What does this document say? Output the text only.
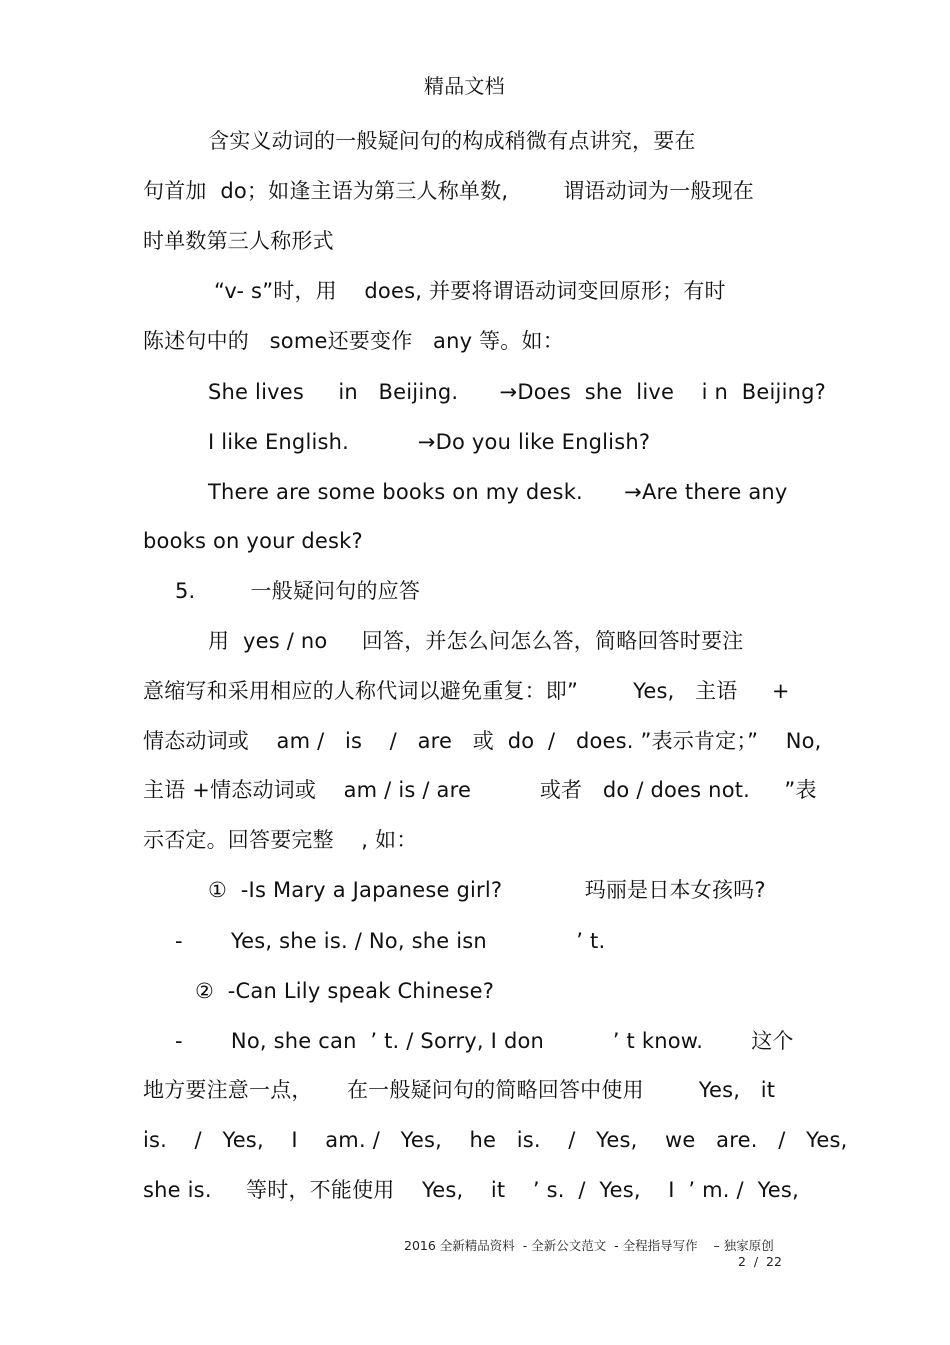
精品文档
含实义动词的一般疑问句的构成稍微有点讲究，要在
句首加  do；如逢主语为第三人称单数,        谓语动词为一般现在
时单数第三人称形式
“v- s”时，用    does, 并要将谓语动词变回原形；有时
陈述句中的   some还要变作   any 等。如：
She lives     in   Beijing.      →Does  she  live    i n  Beijing?
I like English.          →Do you like English?
There are some books on my desk.      →Are there any
books on your desk?
5.        一般疑问句的应答
用  yes / no     回答，并怎么问怎么答，简略回答时要注
意缩写和采用相应的人称代词以避免重复：即”        Yes,   主语     +
情态动词或    am /   is    /   are   或  do  /   does. ”表示肯定；”    No,
主语 +情态动词或    am / is / are          或者   do / does not.     ”表
示否定。回答要完整    , 如：
①  -Is Mary a Japanese girl?            玛丽是日本女孩吗?
-       Yes, she is. / No, she isn             ’ t.
②  -Can Lily speak Chinese?
-       No, she can  ’ t. / Sorry, I don          ’ t know.       这个
地方要注意一点，     在一般疑问句的简略回答中使用        Yes,   it
is.    /   Yes,    I    am. /   Yes,    he   is.    /   Yes,    we   are.   /   Yes,
she is.     等时，不能使用    Yes,    it    ’ s.  /  Yes,    I  ’ m. /  Yes,
2016 全新精品资料  - 全新公文范文  - 全程指导写作    – 独家原创
2  /  22
